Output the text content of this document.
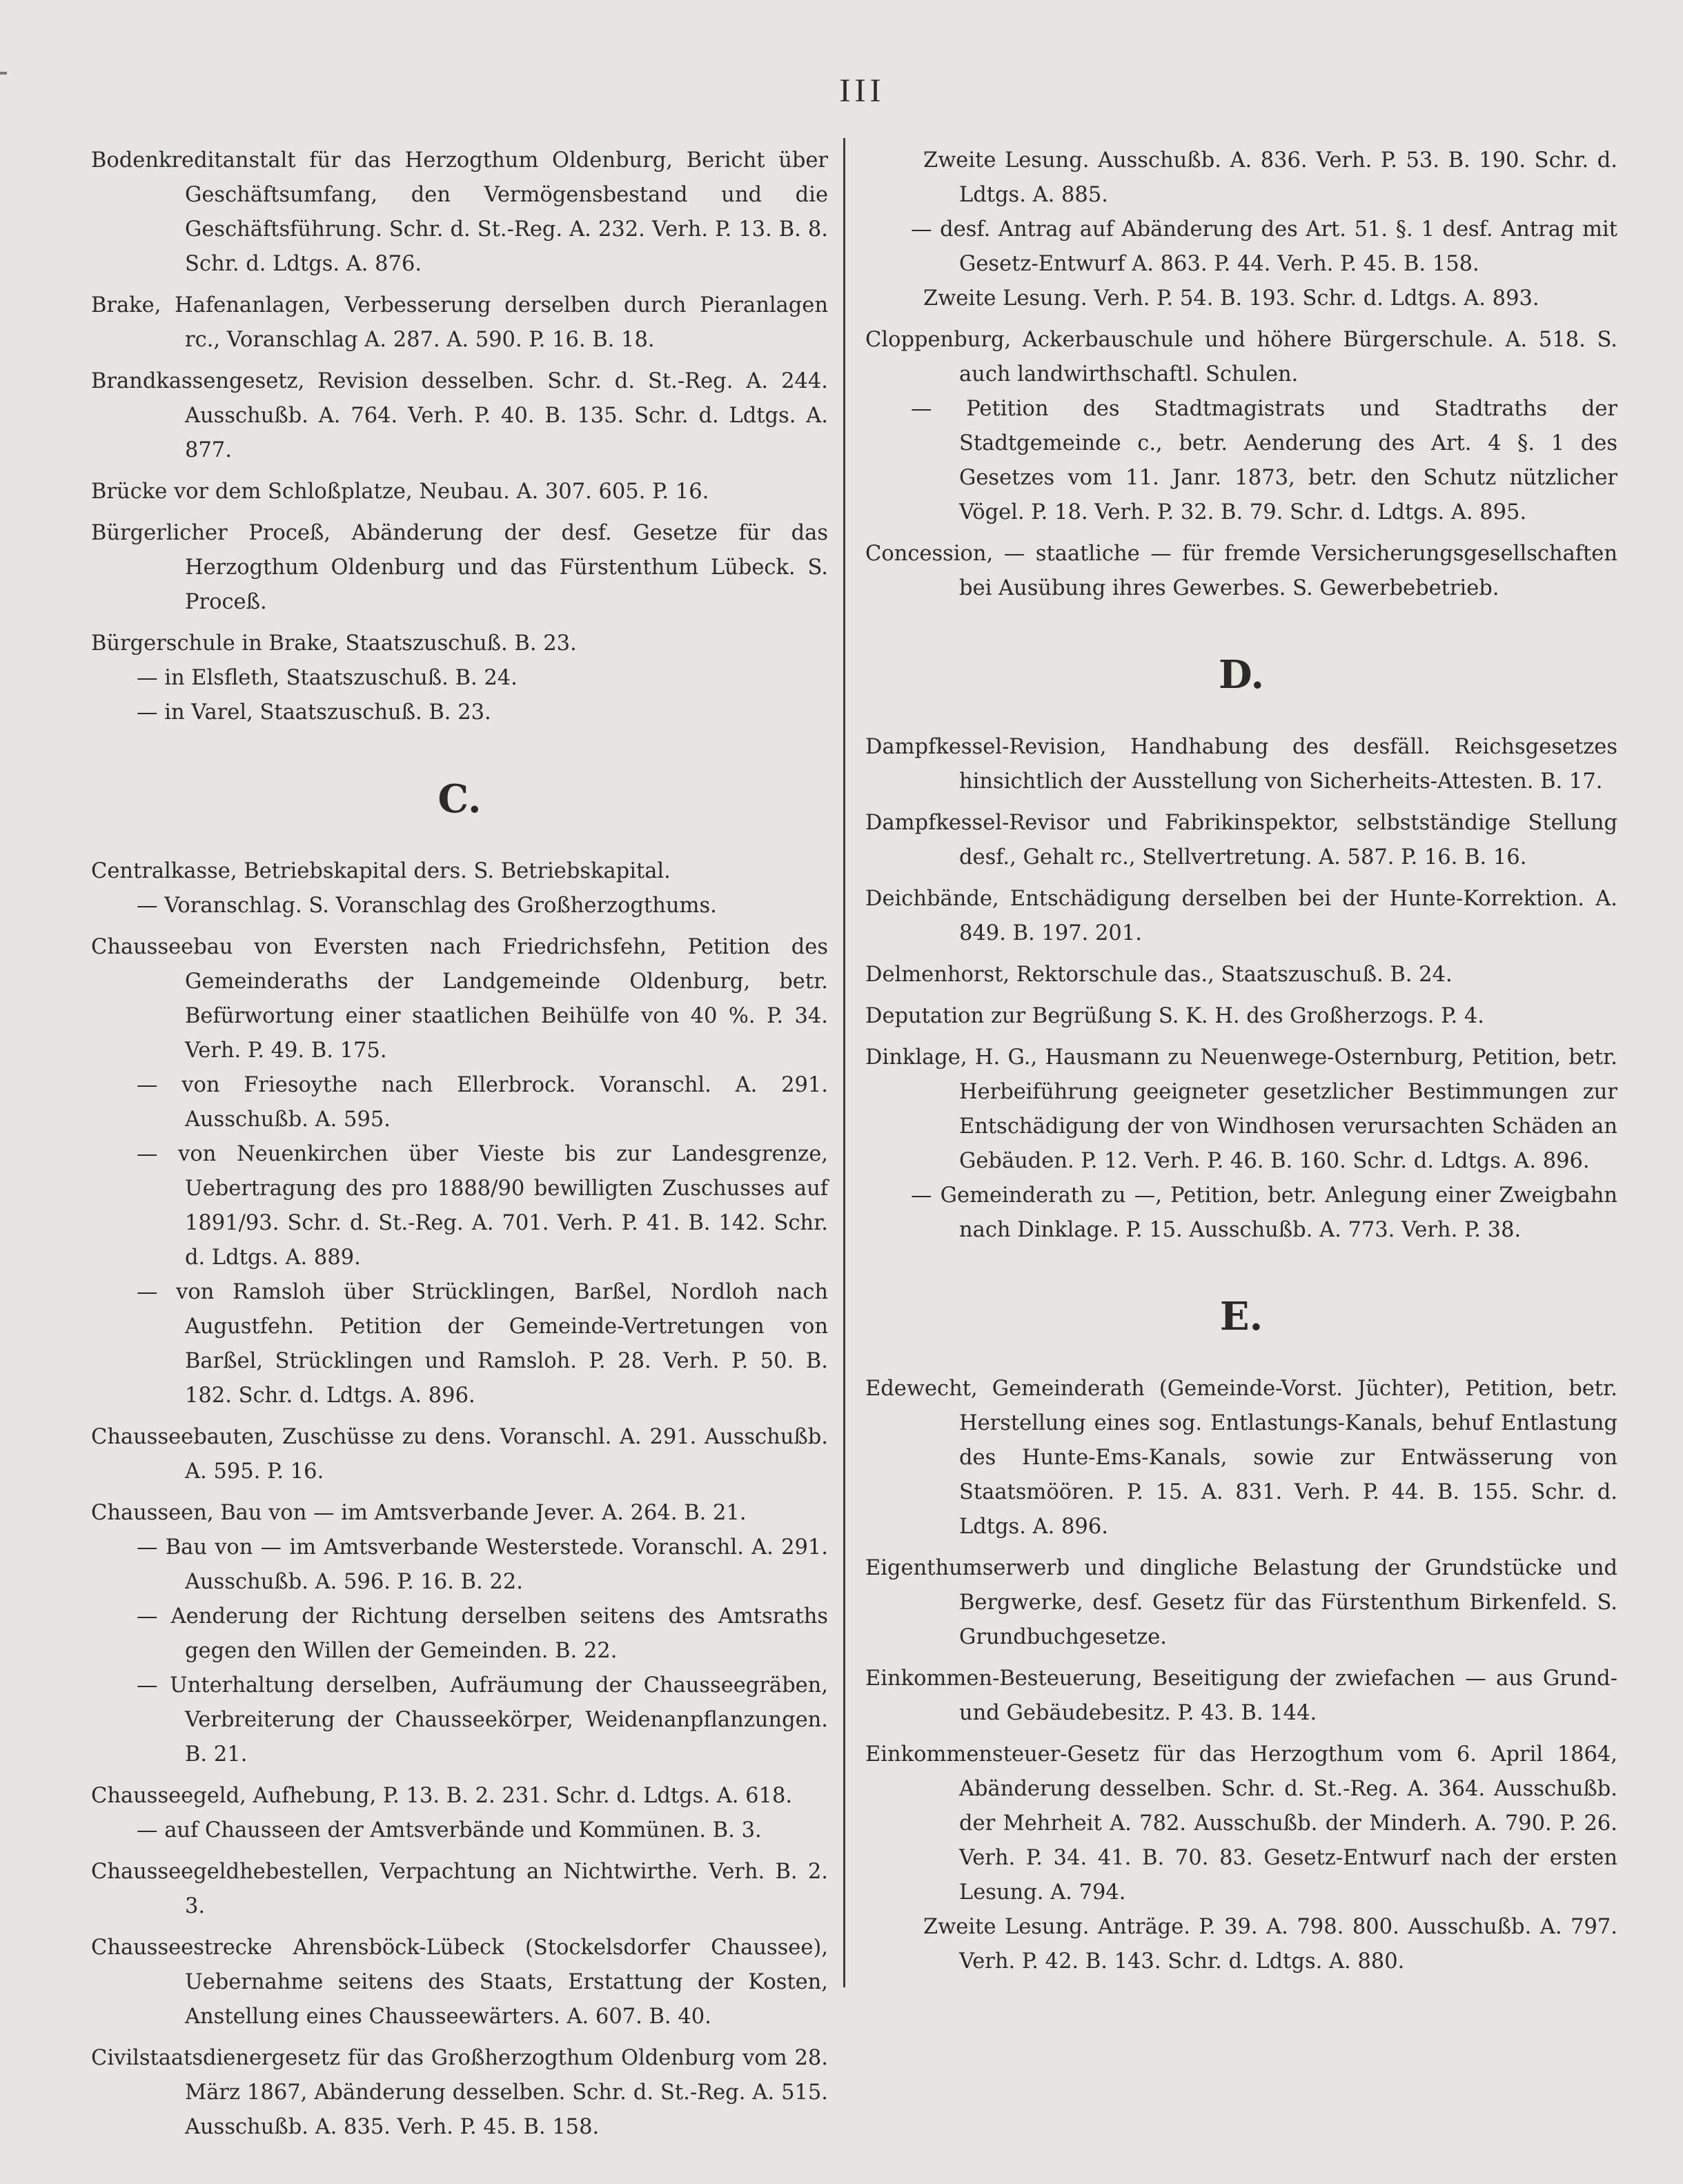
III
Bodenkreditanstalt für das Herzogthum Oldenburg, Bericht über Geschäftsumfang, den Vermögensbestand und die Geschäftsführung. Schr. d. St.-Reg. A. 232. Verh. P. 13. B. 8. Schr. d. Ldtgs. A. 876.
Brake, Hafenanlagen, Verbesserung derselben durch Pieranlagen rc., Voranschlag A. 287. A. 590. P. 16. B. 18.
Brandkassengesetz, Revision desselben. Schr. d. St.-Reg. A. 244. Ausschußb. A. 764. Verh. P. 40. B. 135. Schr. d. Ldtgs. A. 877.
Brücke vor dem Schloßplatze, Neubau. A. 307. 605. P. 16.
Bürgerlicher Proceß, Abänderung der desf. Gesetze für das Herzogthum Oldenburg und das Fürstenthum Lübeck. S. Proceß.
Bürgerschule in Brake, Staatszuschuß. B. 23.
— in Elsfleth, Staatszuschuß. B. 24.
— in Varel, Staatszuschuß. B. 23.
C.
Centralkasse, Betriebskapital ders. S. Betriebskapital.
— Voranschlag. S. Voranschlag des Großherzogthums.
Chausseebau von Eversten nach Friedrichsfehn, Petition des Gemeinderaths der Landgemeinde Oldenburg, betr. Befürwortung einer staatlichen Beihülfe von 40 %. P. 34. Verh. P. 49. B. 175.
— von Friesoythe nach Ellerbrock. Voranschl. A. 291. Ausschußb. A. 595.
— von Neuenkirchen über Vieste bis zur Landesgrenze, Uebertragung des pro 1888/90 bewilligten Zuschusses auf 1891/93. Schr. d. St.-Reg. A. 701. Verh. P. 41. B. 142. Schr. d. Ldtgs. A. 889.
— von Ramsloh über Strücklingen, Barßel, Nordloh nach Augustfehn. Petition der Gemeinde-Vertretungen von Barßel, Strücklingen und Ramsloh. P. 28. Verh. P. 50. B. 182. Schr. d. Ldtgs. A. 896.
Chausseebauten, Zuschüsse zu dens. Voranschl. A. 291. Ausschußb. A. 595. P. 16.
Chausseen, Bau von — im Amtsverbande Jever. A. 264. B. 21.
— Bau von — im Amtsverbande Westerstede. Voranschl. A. 291. Ausschußb. A. 596. P. 16. B. 22.
— Aenderung der Richtung derselben seitens des Amtsraths gegen den Willen der Gemeinden. B. 22.
— Unterhaltung derselben, Aufräumung der Chausseegräben, Verbreiterung der Chausseekörper, Weidenanpflanzungen. B. 21.
Chausseegeld, Aufhebung, P. 13. B. 2. 231. Schr. d. Ldtgs. A. 618.
— auf Chausseen der Amtsverbände und Kommünen. B. 3.
Chausseegeldhebestellen, Verpachtung an Nichtwirthe. Verh. B. 2. 3.
Chausseestrecke Ahrensböck-Lübeck (Stockelsdorfer Chaussee), Uebernahme seitens des Staats, Erstattung der Kosten, Anstellung eines Chausseewärters. A. 607. B. 40.
Civilstaatsdienergesetz für das Großherzogthum Oldenburg vom 28. März 1867, Abänderung desselben. Schr. d. St.-Reg. A. 515. Ausschußb. A. 835. Verh. P. 45. B. 158.
Zweite Lesung. Ausschußb. A. 836. Verh. P. 53. B. 190. Schr. d. Ldtgs. A. 885.
— desf. Antrag auf Abänderung des Art. 51. §. 1 desf. Antrag mit Gesetz-Entwurf A. 863. P. 44. Verh. P. 45. B. 158.
Zweite Lesung. Verh. P. 54. B. 193. Schr. d. Ldtgs. A. 893.
Cloppenburg, Ackerbauschule und höhere Bürgerschule. A. 518. S. auch landwirthschaftl. Schulen.
— Petition des Stadtmagistrats und Stadtraths der Stadtgemeinde c., betr. Aenderung des Art. 4 §. 1 des Gesetzes vom 11. Janr. 1873, betr. den Schutz nützlicher Vögel. P. 18. Verh. P. 32. B. 79. Schr. d. Ldtgs. A. 895.
Concession, — staatliche — für fremde Versicherungsgesellschaften bei Ausübung ihres Gewerbes. S. Gewerbebetrieb.
D.
Dampfkessel-Revision, Handhabung des desfäll. Reichsgesetzes hinsichtlich der Ausstellung von Sicherheits-Attesten. B. 17.
Dampfkessel-Revisor und Fabrikinspektor, selbstständige Stellung desf., Gehalt rc., Stellvertretung. A. 587. P. 16. B. 16.
Deichbände, Entschädigung derselben bei der Hunte-Korrektion. A. 849. B. 197. 201.
Delmenhorst, Rektorschule das., Staatszuschuß. B. 24.
Deputation zur Begrüßung S. K. H. des Großherzogs. P. 4.
Dinklage, H. G., Hausmann zu Neuenwege-Osternburg, Petition, betr. Herbeiführung geeigneter gesetzlicher Bestimmungen zur Entschädigung der von Windhosen verursachten Schäden an Gebäuden. P. 12. Verh. P. 46. B. 160. Schr. d. Ldtgs. A. 896.
— Gemeinderath zu —, Petition, betr. Anlegung einer Zweigbahn nach Dinklage. P. 15. Ausschußb. A. 773. Verh. P. 38.
E.
Edewecht, Gemeinderath (Gemeinde-Vorst. Jüchter), Petition, betr. Herstellung eines sog. Entlastungs-Kanals, behuf Entlastung des Hunte-Ems-Kanals, sowie zur Entwässerung von Staatsmöören. P. 15. A. 831. Verh. P. 44. B. 155. Schr. d. Ldtgs. A. 896.
Eigenthumserwerb und dingliche Belastung der Grundstücke und Bergwerke, desf. Gesetz für das Fürstenthum Birkenfeld. S. Grundbuchgesetze.
Einkommen-Besteuerung, Beseitigung der zwiefachen — aus Grund- und Gebäudebesitz. P. 43. B. 144.
Einkommensteuer-Gesetz für das Herzogthum vom 6. April 1864, Abänderung desselben. Schr. d. St.-Reg. A. 364. Ausschußb. der Mehrheit A. 782. Ausschußb. der Minderh. A. 790. P. 26. Verh. P. 34. 41. B. 70. 83. Gesetz-Entwurf nach der ersten Lesung. A. 794.
Zweite Lesung. Anträge. P. 39. A. 798. 800. Ausschußb. A. 797. Verh. P. 42. B. 143. Schr. d. Ldtgs. A. 880.
